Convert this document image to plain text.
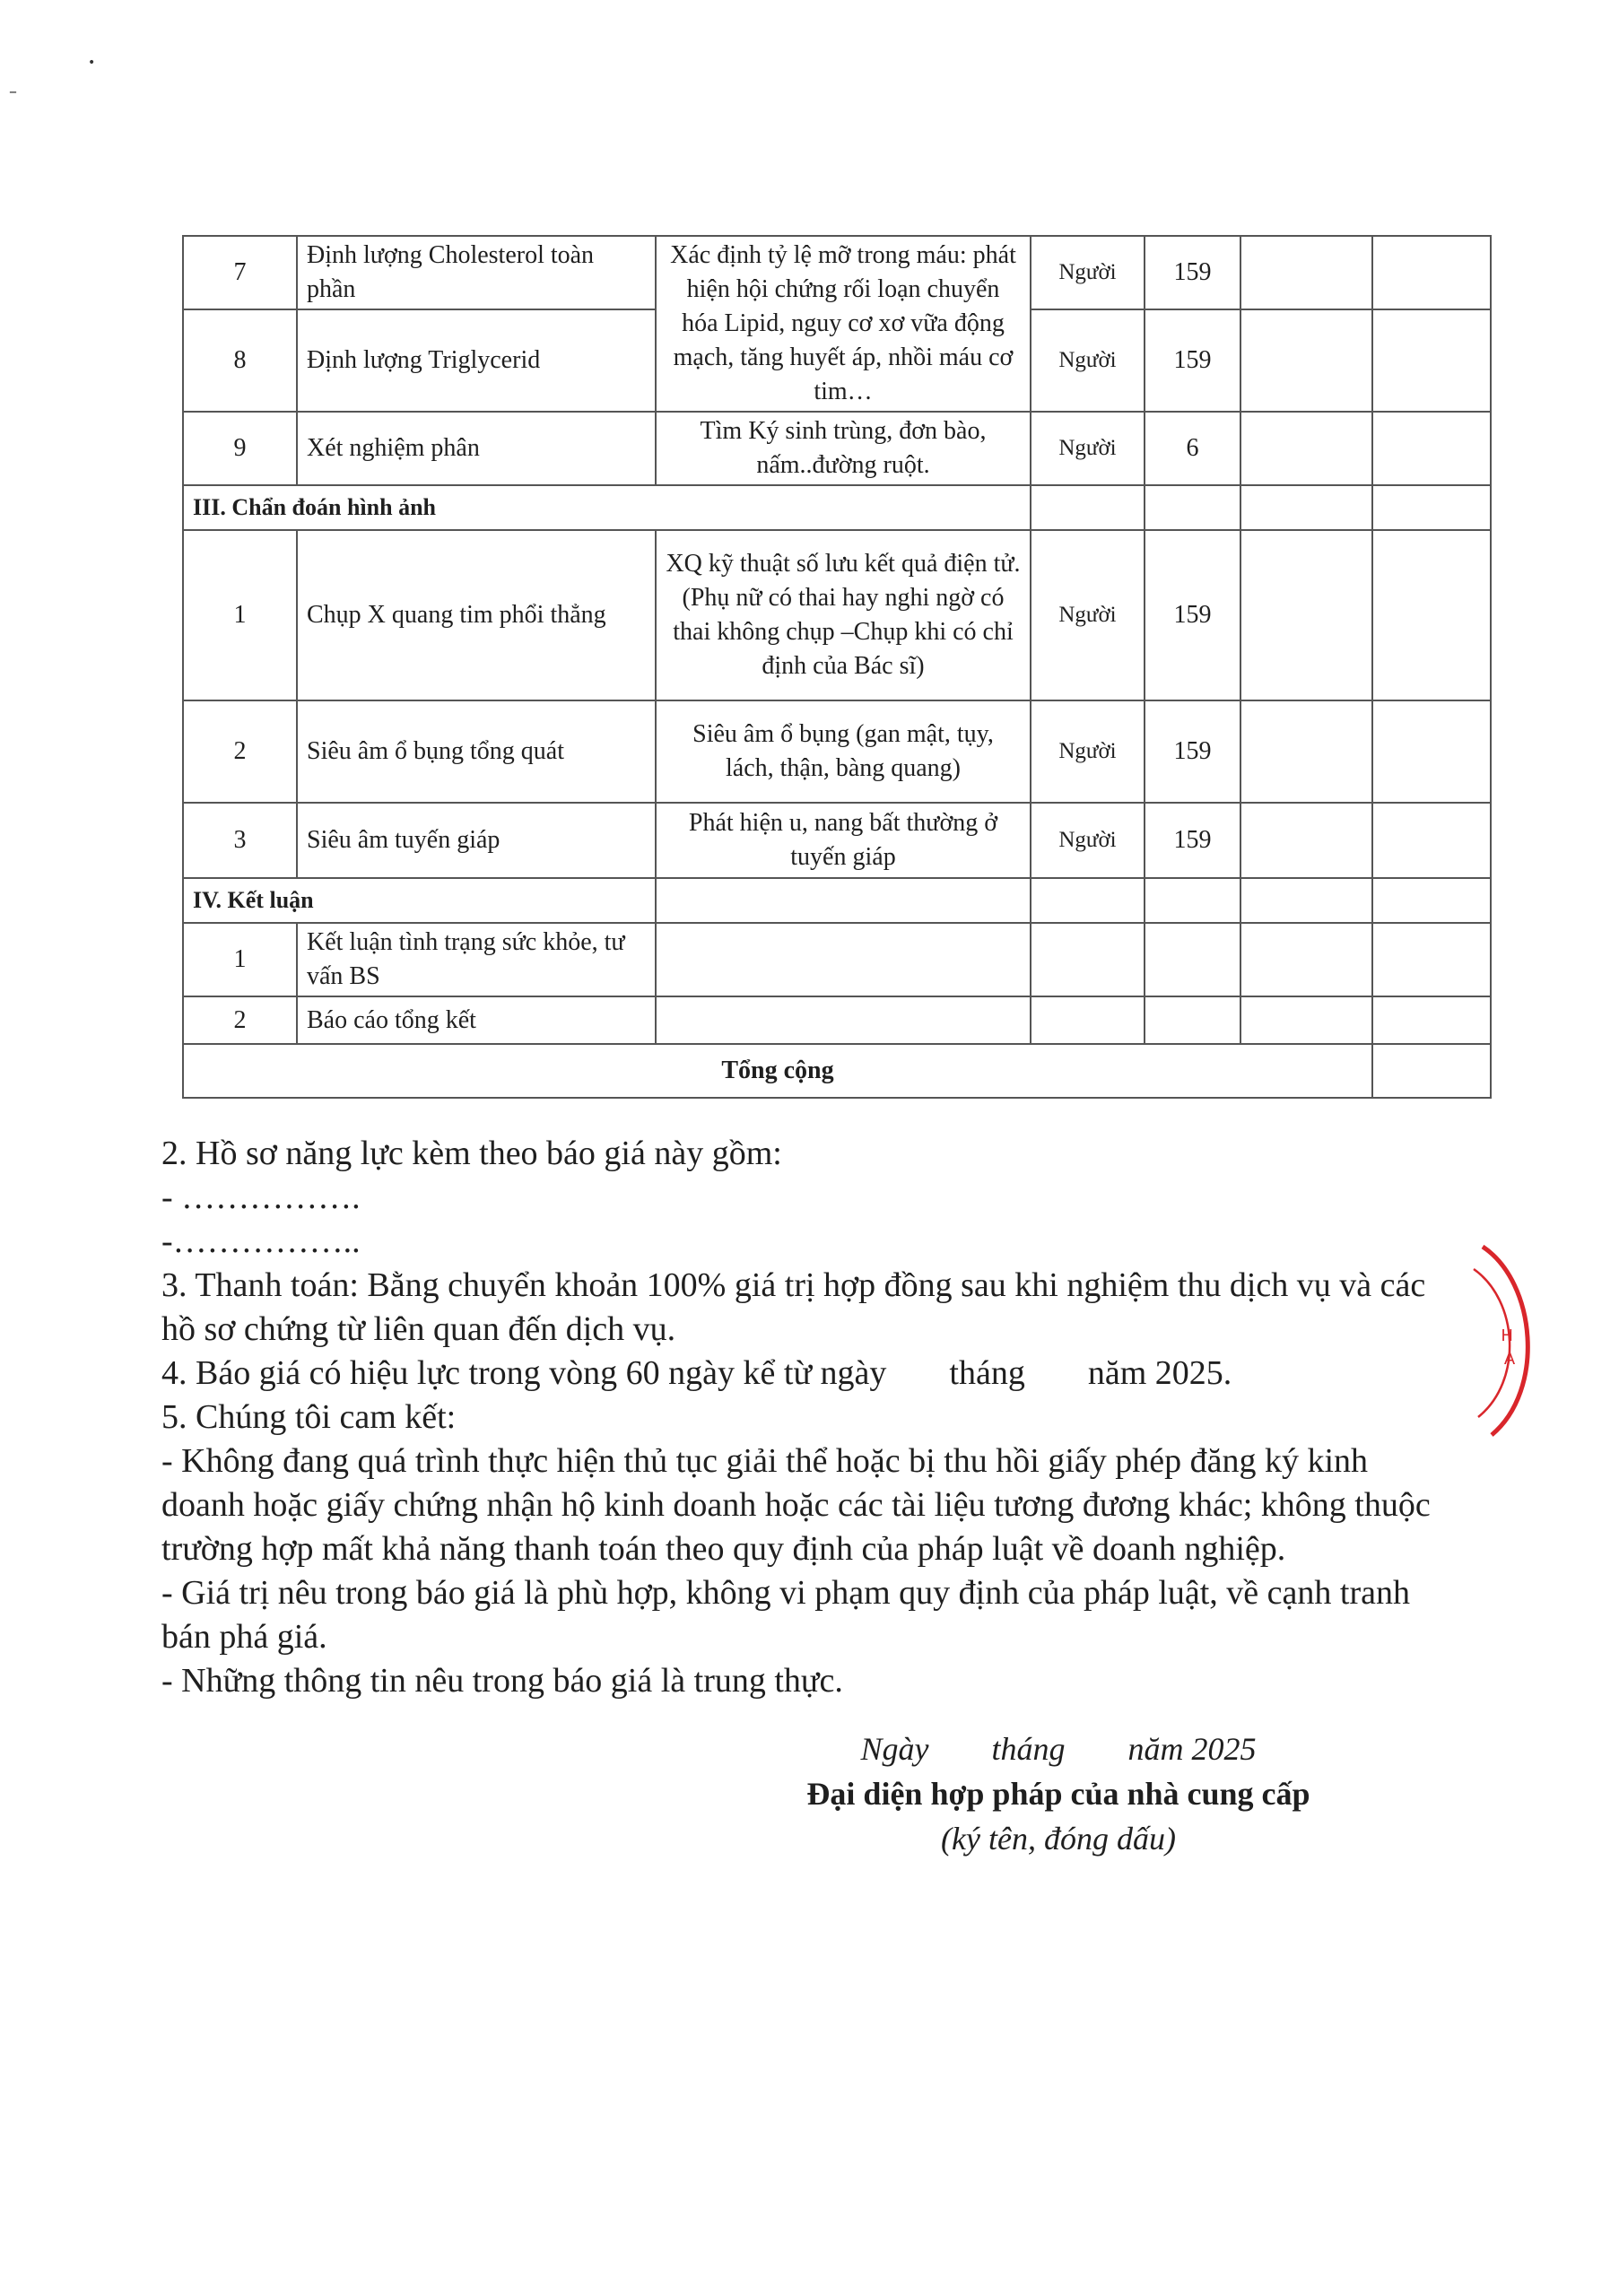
•
–
7	Định lượng Cholesterol toàn phần	Xác định tỷ lệ mỡ trong máu: phát hiện hội chứng rối loạn chuyển hóa Lipid, nguy cơ xơ vữa động mạch, tăng huyết áp, nhồi máu cơ tim…	Người	159		
8	Định lượng Triglycerid		Người	159		
9	Xét nghiệm phân	Tìm Ký sinh trùng, đơn bào, nấm..đường ruột.	Người	6		
III. Chẩn đoán hình ảnh						
1	Chụp X quang tim phổi thẳng	XQ kỹ thuật số lưu kết quả điện tử. (Phụ nữ có thai hay nghi ngờ có thai không chụp –Chụp khi có chỉ định của Bác sĩ)	Người	159		
2	Siêu âm ổ bụng tổng quát	Siêu âm ổ bụng (gan mật, tụy, lách, thận, bàng quang)	Người	159		
3	Siêu âm tuyến giáp	Phát hiện u, nang bất thường ở tuyến giáp	Người	159		
IV. Kết luận						
1	Kết luận tình trạng sức khỏe, tư vấn BS					
2	Báo cáo tổng kết					
Tổng cộng						

2. Hồ sơ năng lực kèm theo báo giá này gồm:

- …………….

-……………..

3. Thanh toán: Bằng chuyển khoản 100% giá trị hợp đồng sau khi nghiệm thu dịch vụ và các hồ sơ chứng từ liên quan đến dịch vụ.

4. Báo giá có hiệu lực trong vòng 60 ngày kể từ ngày tháng năm 2025.

5. Chúng tôi cam kết:

- Không đang quá trình thực hiện thủ tục giải thể hoặc bị thu hồi giấy phép đăng ký kinh doanh hoặc giấy chứng nhận hộ kinh doanh hoặc các tài liệu tương đương khác; không thuộc trường hợp mất khả năng thanh toán theo quy định của pháp luật về doanh nghiệp.

- Giá trị nêu trong báo giá là phù hợp, không vi phạm quy định của pháp luật, về cạnh tranh bán phá giá.

- Những thông tin nêu trong báo giá là trung thực.

Ngày tháng năm 2025

Đại diện hợp pháp của nhà cung cấp

(ký tên, đóng dấu)

H A
